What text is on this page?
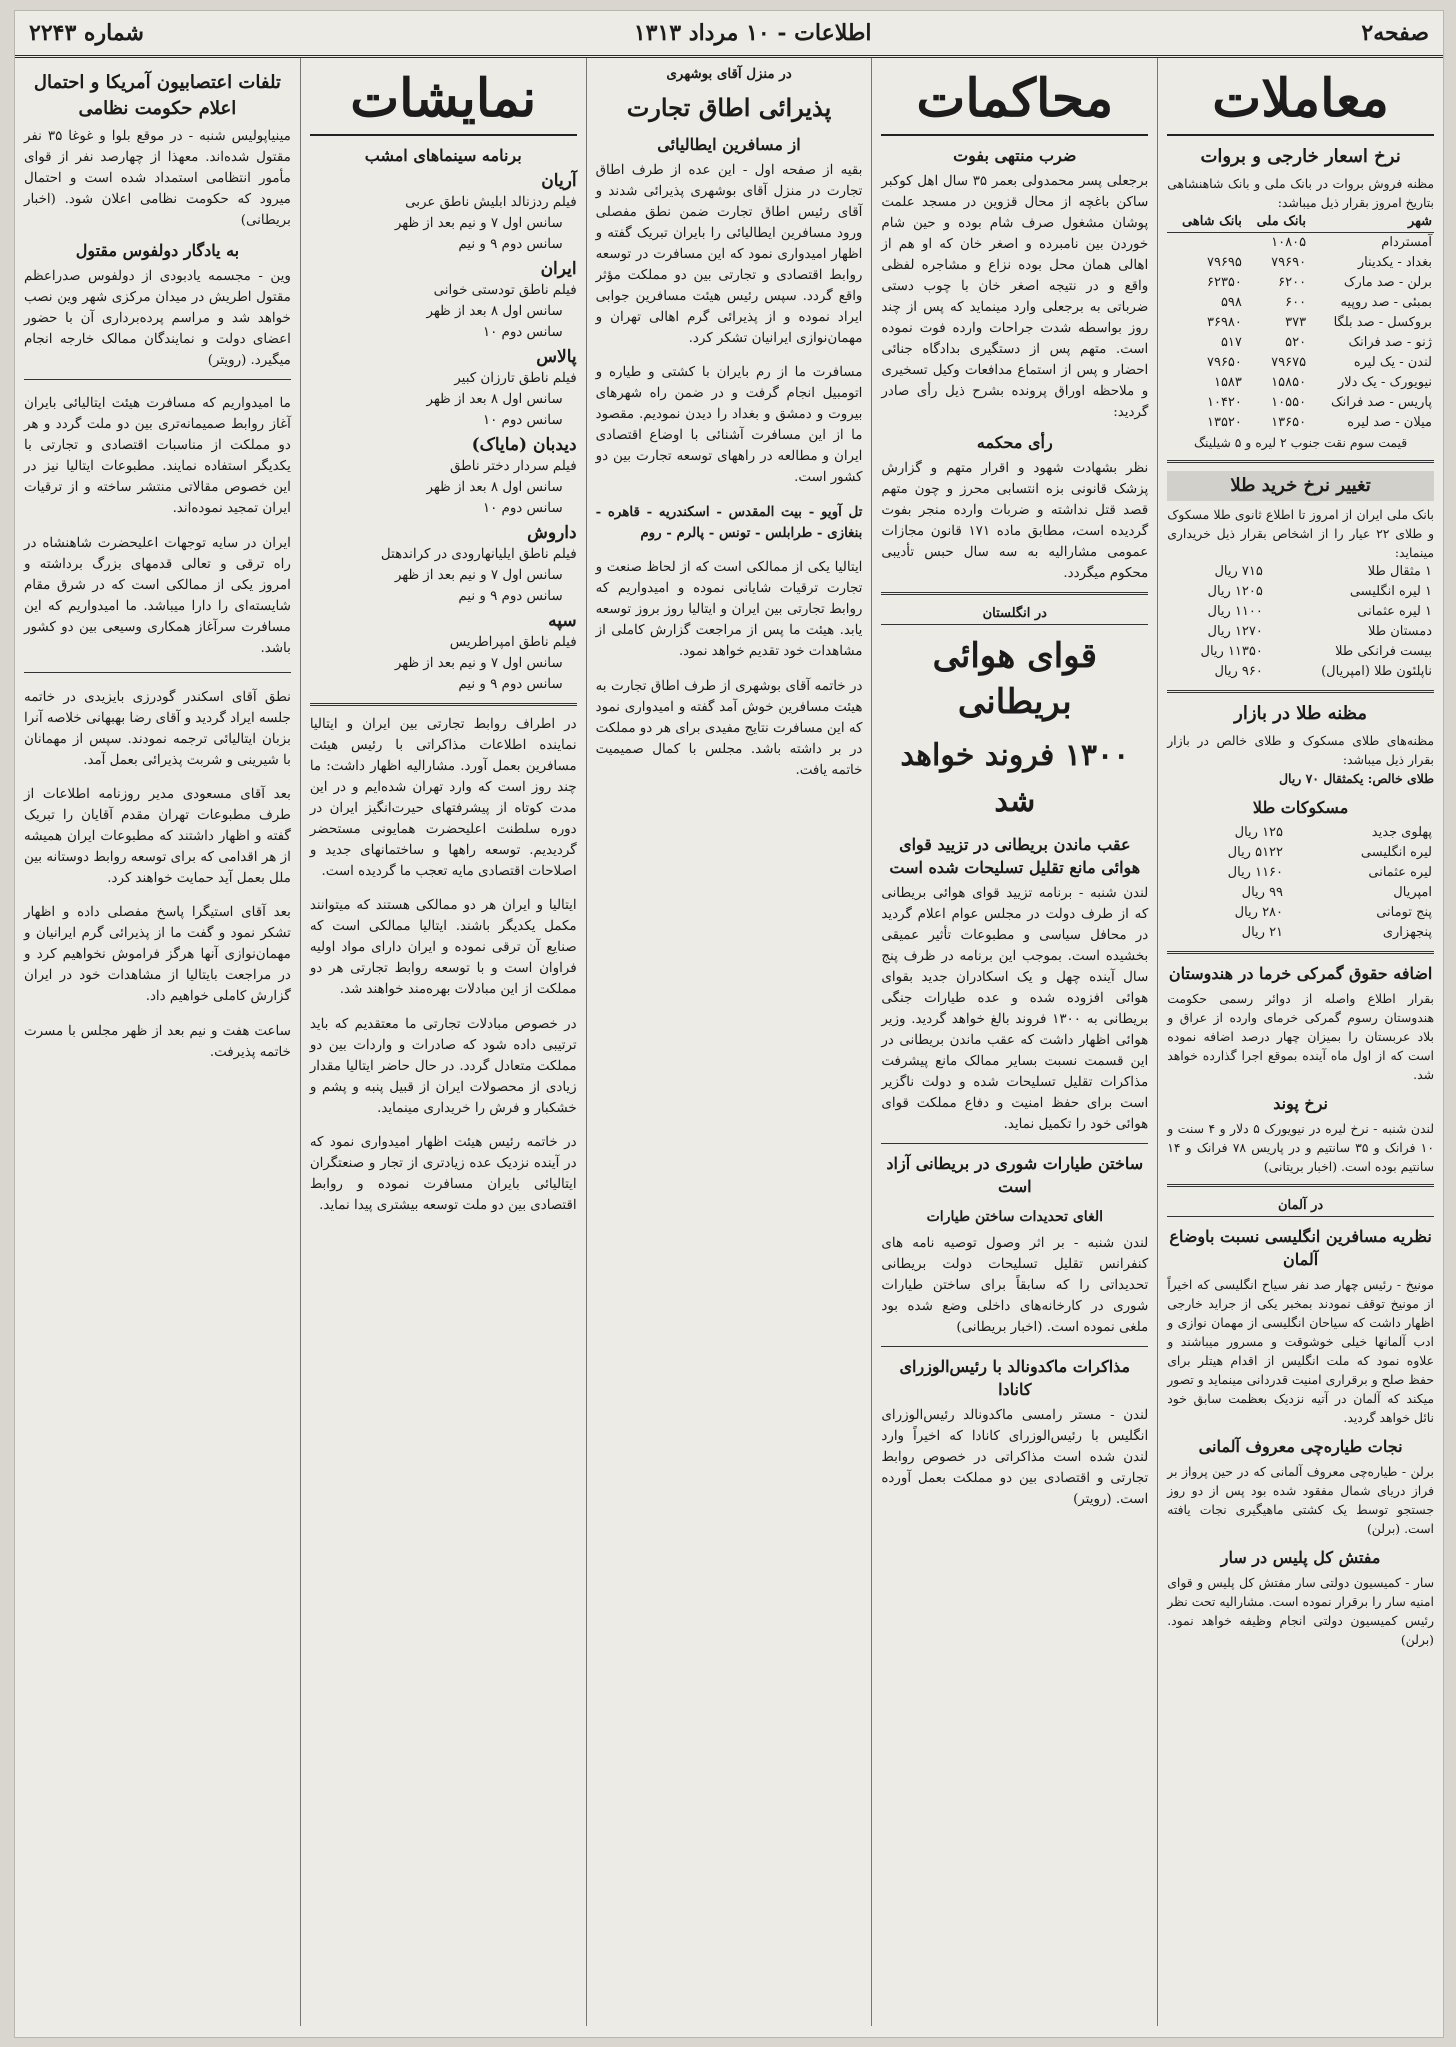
صفحه۲
اطلاعات - ۱۰ مرداد ۱۳۱۳
شماره ۲۲۴۳
معاملات
نرخ اسعار خارجی و بروات
مظنه فروش بروات در بانک ملی و بانک شاهنشاهی بتاریخ امروز بقرار ذیل میباشد:
شهر	بانک ملی	بانک شاهی
آمستردام	۱۰۸۰۵	
بغداد - یکدینار	۷۹۶۹۰	۷۹۶۹۵
برلن - صد مارک	۶۲۰۰	۶۲۳۵۰
بمبئی - صد روپیه	۶۰۰	۵۹۸
بروکسل - صد بلگا	۳۷۳	۳۶۹۸۰
ژنو - صد فرانک	۵۲۰	۵۱۷
لندن - یک لیره	۷۹۶۷۵	۷۹۶۵۰
نیویورک - یک دلار	۱۵۸۵۰	۱۵۸۳
پاریس - صد فرانک	۱۰۵۵۰	۱۰۴۲۰
میلان - صد لیره	۱۳۶۵۰	۱۳۵۲۰
قیمت سوم نقت جنوب ۲ لیره و ۵ شیلینگ
تغییر نرخ خرید طلا
بانک ملی ایران از امروز تا اطلاع ثانوی طلا مسکوک و طلای ۲۲ عیار را از اشخاص بقرار ذیل خریداری مینماید:
۱ مثقال طلا	۷۱۵ ریال
۱ لیره انگلیسی	۱۲۰۵ ریال
۱ لیره عثمانی	۱۱۰۰ ریال
دمستان طلا	۱۲۷۰ ریال
بیست فرانکی طلا	۱۱۳۵۰ ریال
ناپلئون طلا (امپریال)	۹۶۰ ریال
مظنه طلا در بازار
مظنه‌های طلای مسکوک و طلای خالص در بازار بقرار ذیل میباشد:
طلای خالص: یکمثقال ۷۰ ریال
مسکوکات طلا
پهلوی جدید	۱۲۵ ریال
لیره انگلیسی	۵۱۲۲ ریال
لیره عثمانی	۱۱۶۰ ریال
امپریال	۹۹ ریال
پنج تومانی	۲۸۰ ریال
پنجهزاری	۲۱ ریال
اضافه حقوق گمرکی خرما در هندوستان
بقرار اطلاع واصله از دوائر رسمی حکومت هندوستان رسوم گمرکی خرمای وارده از عراق و بلاد عربستان را بمیزان چهار درصد اضافه نموده است که از اول ماه آینده بموقع اجرا گذارده خواهد شد.
نرخ پوند
لندن شنبه - نرخ لیره در نیویورک ۵ دلار و ۴ سنت و ۱۰ فرانک و ۳۵ سانتیم و در پاریس ۷۸ فرانک و ۱۴ سانتیم بوده است. (اخبار بریتانی)
در آلمان
نظریه مسافرین انگلیسی نسبت باوضاع آلمان
مونیخ - رئیس چهار صد نفر سیاح انگلیسی که اخیراً از مونیخ توقف نمودند بمخبر یکی از جراید خارجی اظهار داشت که سیاحان انگلیسی از مهمان نوازی و ادب آلمانها خیلی خوشوقت و مسرور میباشند و علاوه نمود که ملت انگلیس از اقدام هیتلر برای حفظ صلح و برقراری امنیت قدردانی مینماید و تصور میکند که آلمان در آتیه نزدیک بعظمت سابق خود نائل خواهد گردید.
نجات طیاره‌چی معروف آلمانی
برلن - طیاره‌چی معروف آلمانی که در حین پرواز بر فراز دریای شمال مفقود شده بود پس از دو روز جستجو توسط یک کشتی ماهیگیری نجات یافته است. (برلن)
مفتش کل پلیس در سار
سار - کمیسیون دولتی سار مفتش کل پلیس و قوای امنیه سار را برقرار نموده است. مشارالیه تحت نظر رئیس کمیسیون دولتی انجام وظیفه خواهد نمود. (برلن)
محاکمات
ضرب منتهی بفوت
برجعلی پسر محمدولی بعمر ۳۵ سال اهل کوکبر ساکن باغچه از محال قزوین در مسجد علمت پوشان مشغول صرف شام بوده و حین شام خوردن بین نامبرده و اصغر خان که او هم از اهالی همان محل بوده نزاع و مشاجره لفظی واقع و در نتیجه اصغر خان با چوب دستی ضرباتی به برجعلی وارد مینماید که پس از چند روز بواسطه شدت جراحات وارده فوت نموده است. متهم پس از دستگیری بدادگاه جنائی احضار و پس از استماع مدافعات وکیل تسخیری و ملاحظه اوراق پرونده بشرح ذیل رأی صادر گردید:
رأی محکمه
نظر بشهادت شهود و اقرار متهم و گزارش پزشک قانونی بزه انتسابی محرز و چون متهم قصد قتل نداشته و ضربات وارده منجر بفوت گردیده است، مطابق ماده ۱۷۱ قانون مجازات عمومی مشارالیه به سه سال حبس تأدیبی محکوم میگردد.
در انگلستان
قوای هوائی بریطانی
۱۳۰۰ فروند خواهد شد
عقب ماندن بریطانی در تزیید قوای هوائی مانع تقلیل تسلیحات شده است
لندن شنبه - برنامه تزیید قوای هوائی بریطانی که از طرف دولت در مجلس عوام اعلام گردید در محافل سیاسی و مطبوعات تأثیر عمیقی بخشیده است. بموجب این برنامه در ظرف پنج سال آینده چهل و یک اسکادران جدید بقوای هوائی افزوده شده و عده طیارات جنگی بریطانی به ۱۳۰۰ فروند بالغ خواهد گردید. وزیر هوائی اظهار داشت که عقب ماندن بریطانی در این قسمت نسبت بسایر ممالک مانع پیشرفت مذاکرات تقلیل تسلیحات شده و دولت ناگزیر است برای حفظ امنیت و دفاع مملکت قوای هوائی خود را تکمیل نماید.
ساختن طیارات شوری در بریطانی آزاد است
الغای تحدیدات ساختن طیارات
لندن شنبه - بر اثر وصول توصیه نامه های کنفرانس تقلیل تسلیحات دولت بریطانی تحدیداتی را که سابقاً برای ساختن طیارات شوری در کارخانه‌های داخلی وضع شده بود ملغی نموده است. (اخبار بریطانی)
مذاکرات ماکدونالد با رئیس‌الوزرای کانادا
لندن - مستر رامسی ماکدونالد رئیس‌الوزرای انگلیس با رئیس‌الوزرای کانادا که اخیراً وارد لندن شده است مذاکراتی در خصوص روابط تجارتی و اقتصادی بین دو مملکت بعمل آورده است. (رویتر)
در منزل آقای بوشهری
پذیرائی اطاق تجارت
از مسافرین ایطالیائی
بقیه از صفحه اول - این عده از طرف اطاق تجارت در منزل آقای بوشهری پذیرائی شدند و آقای رئیس اطاق تجارت ضمن نطق مفصلی ورود مسافرین ایطالیائی را بایران تبریک گفته و اظهار امیدواری نمود که این مسافرت در توسعه روابط اقتصادی و تجارتی بین دو مملکت مؤثر واقع گردد. سپس رئیس هیئت مسافرین جوابی ایراد نموده و از پذیرائی گرم اهالی تهران و مهمان‌نوازی ایرانیان تشکر کرد.

مسافرت ما از رم بایران با کشتی و طیاره و اتومبیل انجام گرفت و در ضمن راه شهرهای بیروت و دمشق و بغداد را دیدن نمودیم. مقصود ما از این مسافرت آشنائی با اوضاع اقتصادی ایران و مطالعه در راههای توسعه تجارت بین دو کشور است.

تل آویو - بیت المقدس - اسکندریه - قاهره - بنغازی - طرابلس - تونس - پالرم - روم

ایتالیا یکی از ممالکی است که از لحاظ صنعت و تجارت ترقیات شایانی نموده و امیدواریم که روابط تجارتی بین ایران و ایتالیا روز بروز توسعه یابد. هیئت ما پس از مراجعت گزارش کاملی از مشاهدات خود تقدیم خواهد نمود.

در خاتمه آقای بوشهری از طرف اطاق تجارت به هیئت مسافرین خوش آمد گفته و امیدواری نمود که این مسافرت نتایج مفیدی برای هر دو مملکت در بر داشته باشد. مجلس با کمال صمیمیت خاتمه یافت.

نمایشات
برنامه سینماهای امشب
آریان
فیلم ردزنالد ابلیش ناطق عربی
سانس اول ۷ و نیم بعد از ظهر
سانس دوم ۹ و نیم
ایران
فیلم ناطق تودستی خوانی
سانس اول ۸ بعد از ظهر
سانس دوم ۱۰
پالاس
فیلم ناطق تارزان کبیر
سانس اول ۸ بعد از ظهر
سانس دوم ۱۰
دیدبان (مایاک)
فیلم سردار دختر ناطق
سانس اول ۸ بعد از ظهر
سانس دوم ۱۰
داروش
فیلم ناطق ایلیانهارودی در کراندهتل
سانس اول ۷ و نیم بعد از ظهر
سانس دوم ۹ و نیم
سپه
فیلم ناطق امپراطریس
سانس اول ۷ و نیم بعد از ظهر
سانس دوم ۹ و نیم
در اطراف روابط تجارتی بین ایران و ایتالیا نماینده اطلاعات مذاکراتی با رئیس هیئت مسافرین بعمل آورد. مشارالیه اظهار داشت: ما چند روز است که وارد تهران شده‌ایم و در این مدت کوتاه از پیشرفتهای حیرت‌انگیز ایران در دوره سلطنت اعلیحضرت همایونی مستحضر گردیدیم. توسعه راهها و ساختمانهای جدید و اصلاحات اقتصادی مایه تعجب ما گردیده است.

ایتالیا و ایران هر دو ممالکی هستند که میتوانند مکمل یکدیگر باشند. ایتالیا ممالکی است که صنایع آن ترقی نموده و ایران دارای مواد اولیه فراوان است و با توسعه روابط تجارتی هر دو مملکت از این مبادلات بهره‌مند خواهند شد.

در خصوص مبادلات تجارتی ما معتقدیم که باید ترتیبی داده شود که صادرات و واردات بین دو مملکت متعادل گردد. در حال حاضر ایتالیا مقدار زیادی از محصولات ایران از قبیل پنبه و پشم و خشکبار و فرش را خریداری مینماید.

در خاتمه رئیس هیئت اظهار امیدواری نمود که در آینده نزدیک عده زیادتری از تجار و صنعتگران ایتالیائی بایران مسافرت نموده و روابط اقتصادی بین دو ملت توسعه بیشتری پیدا نماید.

تلفات اعتصابیون آمریکا و احتمال اعلام حکومت نظامی
مینیاپولیس شنبه - در موقع بلوا و غوغا ۳۵ نفر مقتول شده‌اند. معهذا از چهارصد نفر از قوای مأمور انتظامی استمداد شده است و احتمال میرود که حکومت نظامی اعلان شود. (اخبار بریطانی)
به یادگار دولفوس مقتول
وین - مجسمه یادبودی از دولفوس صدراعظم مقتول اطریش در میدان مرکزی شهر وین نصب خواهد شد و مراسم پرده‌برداری آن با حضور اعضای دولت و نمایندگان ممالک خارجه انجام میگیرد. (رویتر)

ما امیدواریم که مسافرت هیئت ایتالیائی بایران آغاز روابط صمیمانه‌تری بین دو ملت گردد و هر دو مملکت از مناسبات اقتصادی و تجارتی با یکدیگر استفاده نمایند. مطبوعات ایتالیا نیز در این خصوص مقالاتی منتشر ساخته و از ترقیات ایران تمجید نموده‌اند.

ایران در سایه توجهات اعلیحضرت شاهنشاه در راه ترقی و تعالی قدمهای بزرگ برداشته و امروز یکی از ممالکی است که در شرق مقام شایسته‌ای را دارا میباشد. ما امیدواریم که این مسافرت سرآغاز همکاری وسیعی بین دو کشور باشد.

نطق آقای اسکندر گودرزی بایزیدی در خاتمه جلسه ایراد گردید و آقای رضا بهبهانی خلاصه آنرا بزبان ایتالیائی ترجمه نمودند. سپس از مهمانان با شیرینی و شربت پذیرائی بعمل آمد.

بعد آقای مسعودی مدیر روزنامه اطلاعات از طرف مطبوعات تهران مقدم آقایان را تبریک گفته و اظهار داشتند که مطبوعات ایران همیشه از هر اقدامی که برای توسعه روابط دوستانه بین ملل بعمل آید حمایت خواهند کرد.

بعد آقای استیگرا پاسخ مفصلی داده و اظهار تشکر نمود و گفت ما از پذیرائی گرم ایرانیان و مهمان‌نوازی آنها هرگز فراموش نخواهیم کرد و در مراجعت بایتالیا از مشاهدات خود در ایران گزارش کاملی خواهیم داد.

ساعت هفت و نیم بعد از ظهر مجلس با مسرت خاتمه پذیرفت.
